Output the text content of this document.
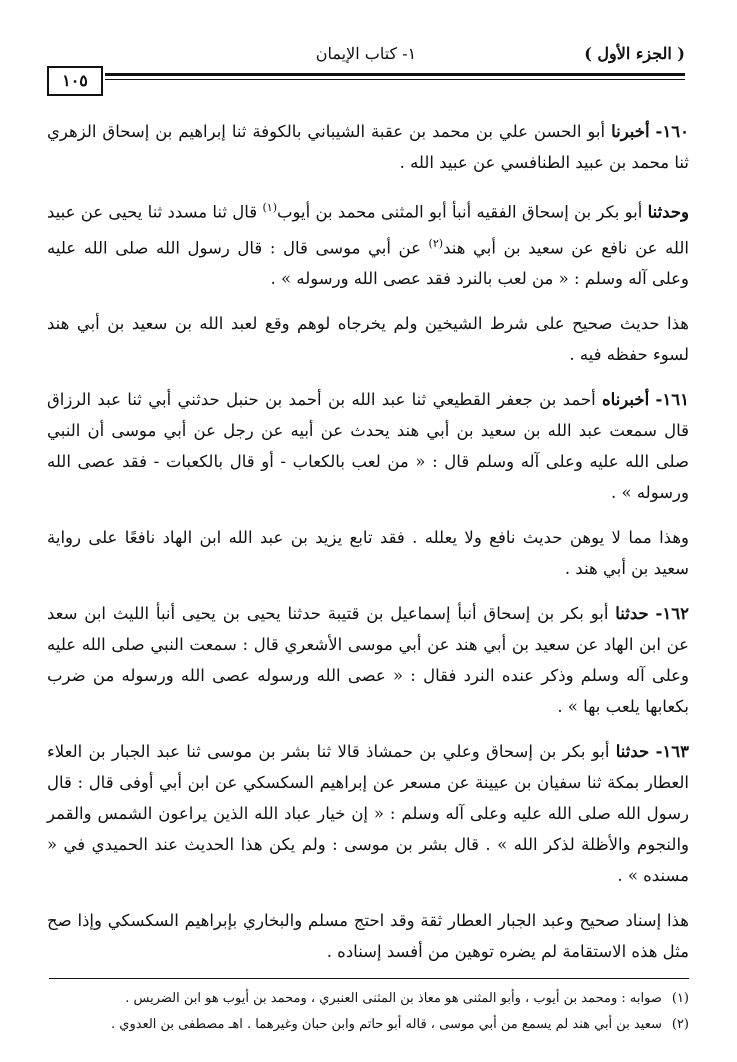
( الجزء الأول )
١- كتاب الإيمان
١٠٥

١٦٠- أخبرنا أبو الحسن علي بن محمد بن عقبة الشيباني بالكوفة ثنا إبراهيم بن إسحاق الزهري ثنا محمد بن عبيد الطنافسي عن عبيد الله .

وحدثنا أبو بكر بن إسحاق الفقيه أنبأ أبو المثنى محمد بن أيوب$^{(١)}$ قال ثنا مسدد ثنا يحيى عن عبيد الله عن نافع عن سعيد بن أبي هند$^{(٢)}$ عن أبي موسى قال : قال رسول الله صلى الله عليه وعلى آله وسلم : « من لعب بالنرد فقد عصى الله ورسوله » .

هذا حديث صحيح على شرط الشيخين ولم يخرجاه لوهم وقع لعبد الله بن سعيد بن أبي هند لسوء حفظه فيه .

١٦١- أخبرناه أحمد بن جعفر القطيعي ثنا عبد الله بن أحمد بن حنبل حدثني أبي ثنا عبد الرزاق قال سمعت عبد الله بن سعيد بن أبي هند يحدث عن أبيه عن رجل عن أبي موسى أن النبي صلى الله عليه وعلى آله وسلم قال : « من لعب بالكعاب - أو قال بالكعبات - فقد عصى الله ورسوله » .

وهذا مما لا يوهن حديث نافع ولا يعلله . فقد تابع يزيد بن عبد الله ابن الهاد نافعًا على رواية سعيد بن أبي هند .

١٦٢- حدثنا أبو بكر بن إسحاق أنبأ إسماعيل بن قتيبة حدثنا يحيى بن يحيى أنبأ الليث ابن سعد عن ابن الهاد عن سعيد بن أبي هند عن أبي موسى الأشعري قال : سمعت النبي صلى الله عليه وعلى آله وسلم وذكر عنده النرد فقال : « عصى الله ورسوله عصى الله ورسوله من ضرب بكعابها يلعب بها » .

١٦٣- حدثنا أبو بكر بن إسحاق وعلي بن حمشاذ قالا ثنا بشر بن موسى ثنا عبد الجبار بن العلاء العطار بمكة ثنا سفيان بن عيينة عن مسعر عن إبراهيم السكسكي عن ابن أبي أوفى قال : قال رسول الله صلى الله عليه وعلى آله وسلم : « إن خيار عباد الله الذين يراعون الشمس والقمر والنجوم والأظلة لذكر الله » . قال بشر بن موسى : ولم يكن هذا الحديث عند الحميدي في « مسنده » .

هذا إسناد صحيح وعبد الجبار العطار ثقة وقد احتج مسلم والبخاري بإبراهيم السكسكي وإذا صح مثل هذه الاستقامة لم يضره توهين من أفسد إسناده .

(١)صوابه : ومحمد بن أيوب ، وأبو المثنى هو معاذ بن المثنى العنبري ، ومحمد بن أيوب هو ابن الضريس .
(٢)سعيد بن أبي هند لم يسمع من أبي موسى ، قاله أبو حاتم وابن حبان وغيرهما . اهـ مصطفى بن العدوي .
